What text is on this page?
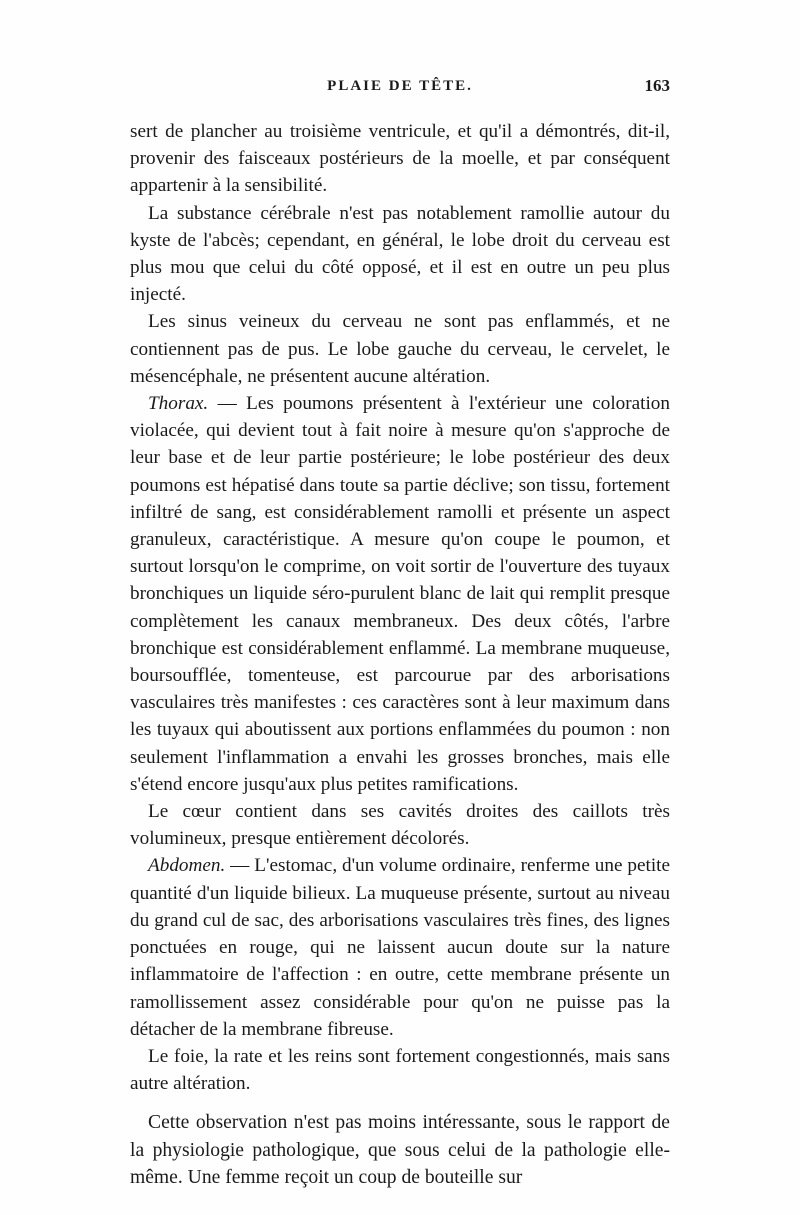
PLAIE DE TÊTE.	163

sert de plancher au troisième ventricule, et qu'il a démontrés, dit-il, provenir des faisceaux postérieurs de la moelle, et par conséquent appartenir à la sensibilité.

La substance cérébrale n'est pas notablement ramollie autour du kyste de l'abcès; cependant, en général, le lobe droit du cerveau est plus mou que celui du côté opposé, et il est en outre un peu plus injecté.

Les sinus veineux du cerveau ne sont pas enflammés, et ne contiennent pas de pus. Le lobe gauche du cerveau, le cervelet, le mésencéphale, ne présentent aucune altération.

Thorax. — Les poumons présentent à l'extérieur une coloration violacée, qui devient tout à fait noire à mesure qu'on s'approche de leur base et de leur partie postérieure; le lobe postérieur des deux poumons est hépatisé dans toute sa partie déclive; son tissu, fortement infiltré de sang, est considérablement ramolli et présente un aspect granuleux, caractéristique. A mesure qu'on coupe le poumon, et surtout lorsqu'on le comprime, on voit sortir de l'ouverture des tuyaux bronchiques un liquide séro-purulent blanc de lait qui remplit presque complètement les canaux membraneux. Des deux côtés, l'arbre bronchique est considérablement enflammé. La membrane muqueuse, boursoufflée, tomenteuse, est parcourue par des arborisations vasculaires très manifestes : ces caractères sont à leur maximum dans les tuyaux qui aboutissent aux portions enflammées du poumon : non seulement l'inflammation a envahi les grosses bronches, mais elle s'étend encore jusqu'aux plus petites ramifications.

Le cœur contient dans ses cavités droites des caillots très volumineux, presque entièrement décolorés.

Abdomen. — L'estomac, d'un volume ordinaire, renferme une petite quantité d'un liquide bilieux. La muqueuse présente, surtout au niveau du grand cul de sac, des arborisations vasculaires très fines, des lignes ponctuées en rouge, qui ne laissent aucun doute sur la nature inflammatoire de l'affection : en outre, cette membrane présente un ramollissement assez considérable pour qu'on ne puisse pas la détacher de la membrane fibreuse.

Le foie, la rate et les reins sont fortement congestionnés, mais sans autre altération.

Cette observation n'est pas moins intéressante, sous le rapport de la physiologie pathologique, que sous celui de la pathologie elle-même. Une femme reçoit un coup de bouteille sur
